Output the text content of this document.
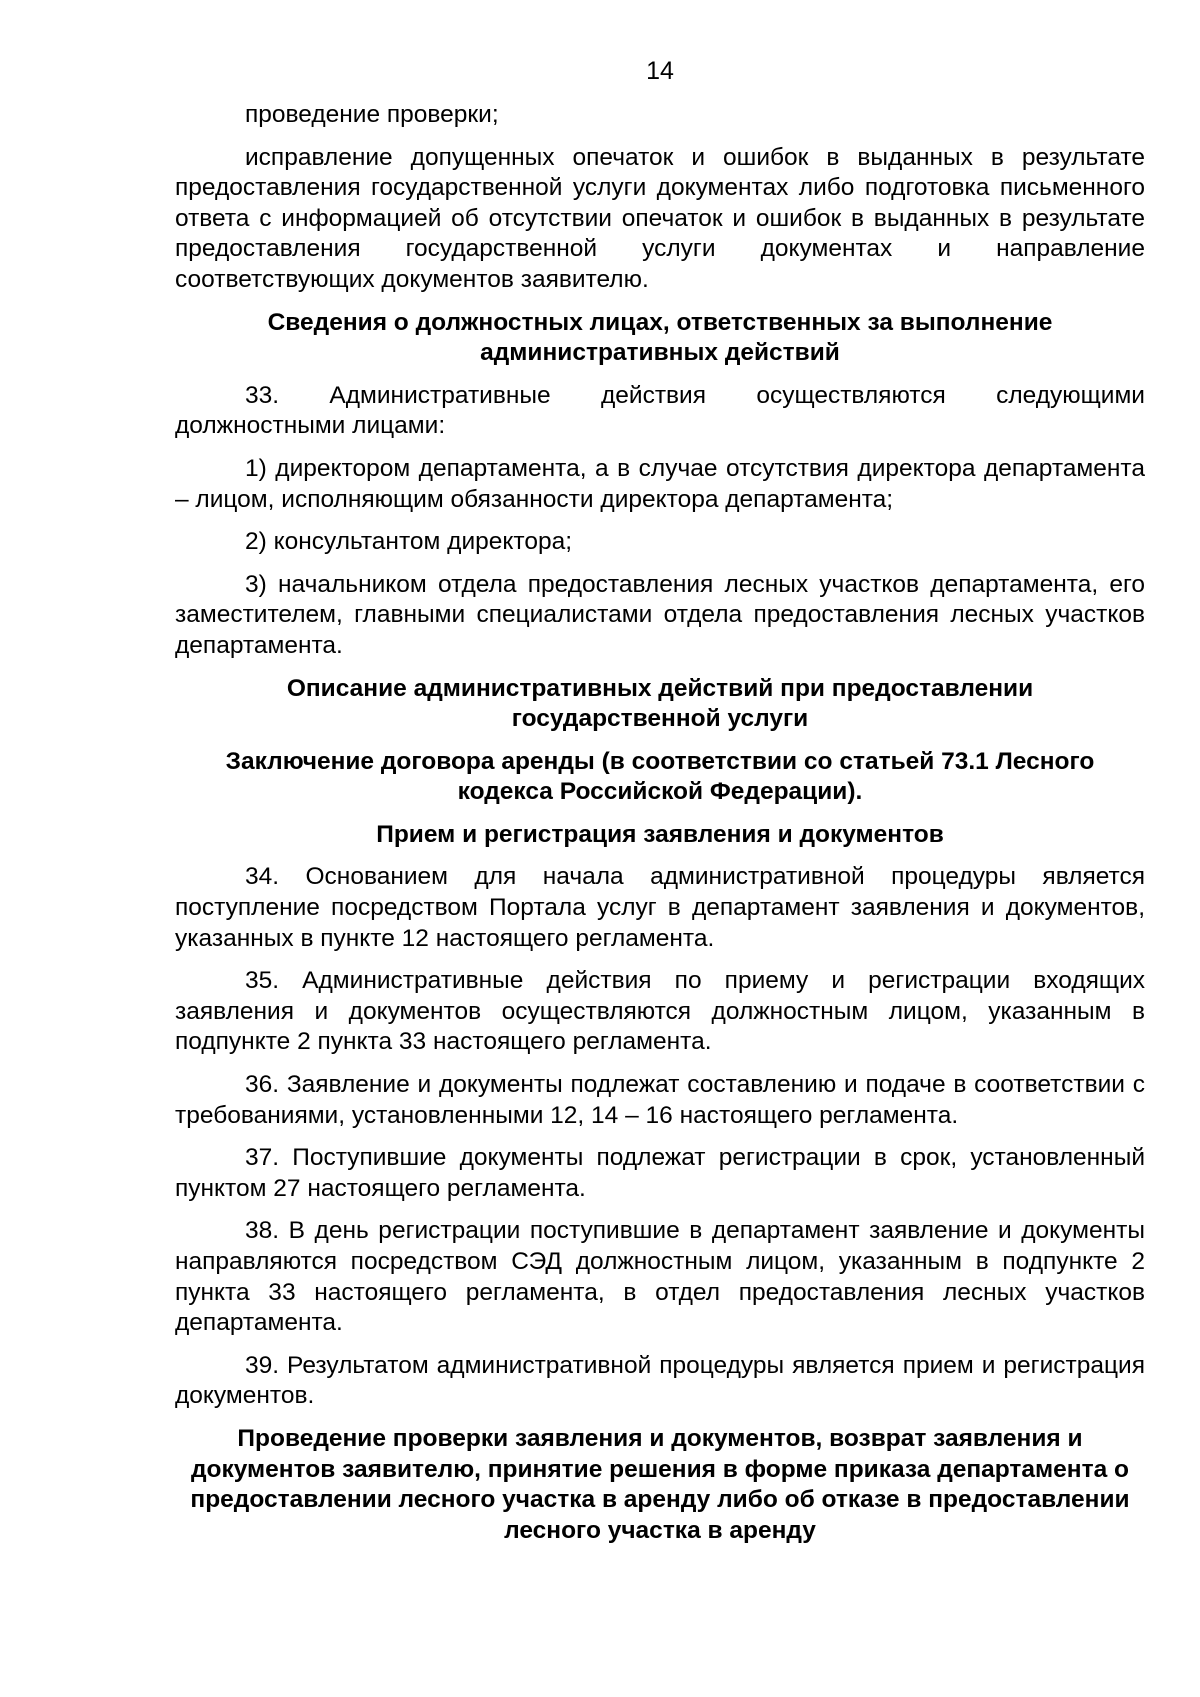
14

проведение проверки;

исправление допущенных опечаток и ошибок в выданных в результате предоставления государственной услуги документах либо подготовка письменного ответа с информацией об отсутствии опечаток и ошибок в выданных в результате предоставления государственной услуги документах и направление соответствующих документов заявителю.

Сведения о должностных лицах, ответственных за выполнение административных действий

33. Административные действия осуществляются следующими должностными лицами:

1) директором департамента, а в случае отсутствия директора департамента – лицом, исполняющим обязанности директора департамента;

2) консультантом директора;

3) начальником отдела предоставления лесных участков департамента, его заместителем, главными специалистами отдела предоставления лесных участков департамента.

Описание административных действий при предоставлении государственной услуги
Заключение договора аренды (в соответствии со статьей 73.1 Лесного кодекса Российской Федерации).
Прием и регистрация заявления и документов

34. Основанием для начала административной процедуры является поступление посредством Портала услуг в департамент заявления и документов, указанных в пункте 12 настоящего регламента.

35. Административные действия по приему и регистрации входящих заявления и документов осуществляются должностным лицом, указанным в подпункте 2 пункта 33 настоящего регламента.

36. Заявление и документы подлежат составлению и подаче в соответствии с требованиями, установленными 12, 14 – 16 настоящего регламента.

37. Поступившие документы подлежат регистрации в срок, установленный пунктом 27 настоящего регламента.

38. В день регистрации поступившие в департамент заявление и документы направляются посредством СЭД должностным лицом, указанным в подпункте 2 пункта 33 настоящего регламента, в отдел предоставления лесных участков департамента.

39. Результатом административной процедуры является прием и регистрация документов.

Проведение проверки заявления и документов, возврат заявления и документов заявителю, принятие решения в форме приказа департамента о предоставлении лесного участка в аренду либо об отказе в предоставлении лесного участка в аренду
